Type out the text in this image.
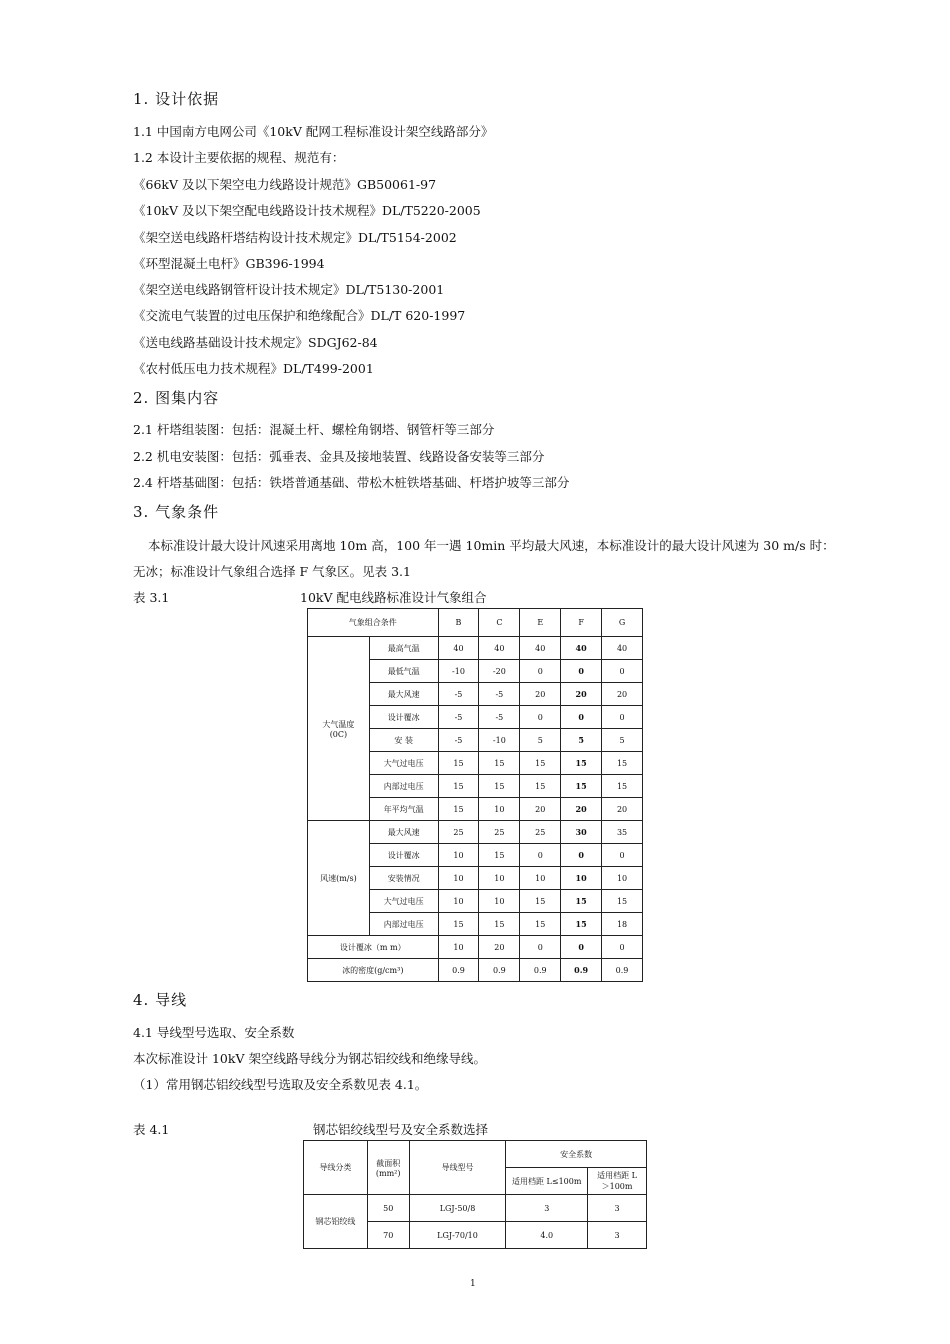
1. 设计依据
1.1 中国南方电网公司《10kV 配网工程标准设计架空线路部分》
1.2 本设计主要依据的规程、规范有：
《66kV 及以下架空电力线路设计规范》GB50061-97
《10kV 及以下架空配电线路设计技术规程》DL/T5220-2005
《架空送电线路杆塔结构设计技术规定》DL/T5154-2002
《环型混凝土电杆》GB396-1994
《架空送电线路钢管杆设计技术规定》DL/T5130-2001
《交流电气装置的过电压保护和绝缘配合》DL/T 620-1997
《送电线路基础设计技术规定》SDGJ62-84
《农村低压电力技术规程》DL/T499-2001
2. 图集内容
2.1 杆塔组装图：包括：混凝土杆、螺栓角钢塔、钢管杆等三部分
2.2 机电安装图：包括：弧垂表、金具及接地装置、线路设备安装等三部分
2.4 杆塔基础图：包括：铁塔普通基础、带松木桩铁塔基础、杆塔护坡等三部分
3. 气象条件
本标准设计最大设计风速采用离地 10m 高，100 年一遇 10min 平均最大风速，本标准设计的最大设计风速为 30 m/s 时：
无冰；标准设计气象组合选择 F 气象区。见表 3.1
表 3.1	10kV 配电线路标准设计气象组合
气象组合条件		B	C	E	F	G
大气温度
(0C)	最高气温	40	40	40	40	40
	最低气温	-10	-20	0	0	0
	最大风速	-5	-5	20	20	20
	设计覆冰	-5	-5	0	0	0
	安 装	-5	-10	5	5	5
	大气过电压	15	15	15	15	15
	内部过电压	15	15	15	15	15
	年平均气温	15	10	20	20	20
风速(m/s)	最大风速	25	25	25	30	35
	设计覆冰	10	15	0	0	0
	安装情况	10	10	10	10	10
	大气过电压	10	10	15	15	15
	内部过电压	15	15	15	15	18
设计覆冰（m m）		10	20	0	0	0
冰的密度(g/cm³)		0.9	0.9	0.9	0.9	0.9
4. 导线
4.1 导线型号选取、安全系数
本次标准设计 10kV 架空线路导线分为钢芯铝绞线和绝缘导线。
（1）常用钢芯铝绞线型号选取及安全系数见表 4.1。
表 4.1	钢芯铝绞线型号及安全系数选择
导线分类	截面积
(mm²)	导线型号	安全系数	
			适用档距 L≤100m	适用档距 L
＞100m
钢芯铝绞线	50	LGJ-50/8	3	3
	70	LGJ-70/10	4.0	3
1
